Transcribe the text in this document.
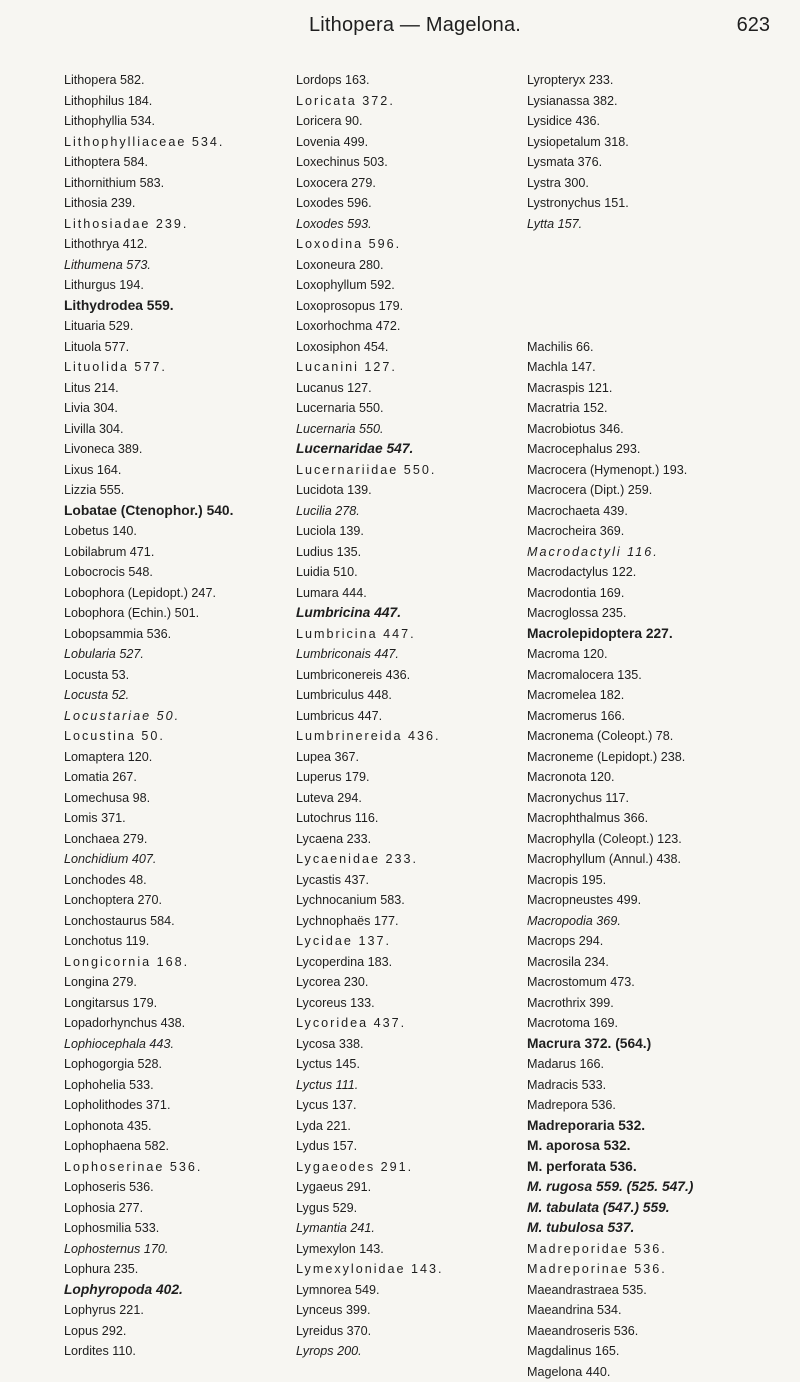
Lithopera — Magelona.	623
Lithopera 582.
Lithophilus 184.
Lithophyllia 534.
Lithophylliaceae 534.
Lithoptera 584.
Lithornithium 583.
Lithosia 239.
Lithosiadae 239.
Lithothrya 412.
Lithumena 573.
Lithurgus 194.
Lithydrodea 559.
Lituaria 529.
Lituola 577.
Lituolida 577.
Litus 214.
Livia 304.
Livilla 304.
Livoneca 389.
Lixus 164.
Lizzia 555.
Lobatae (Ctenophor.) 540.
Lobetus 140.
Lobilabrum 471.
Lobocrocis 548.
Lobophora (Lepidopt.) 247.
Lobophora (Echin.) 501.
Lobopsammia 536.
Lobularia 527.
Locusta 53.
Locusta 52.
Locustariae 50.
Locustina 50.
Lomaptera 120.
Lomatia 267.
Lomechusa 98.
Lomis 371.
Lonchaea 279.
Lonchidium 407.
Lonchodes 48.
Lonchoptera 270.
Lonchostaurus 584.
Lonchotus 119.
Longicornia 168.
Longina 279.
Longitarsus 179.
Lopadorhynchus 438.
Lophiocephala 443.
Lophogorgia 528.
Lophohelia 533.
Lopholithodes 371.
Lophonota 435.
Lophophaena 582.
Lophoserinae 536.
Lophoseris 536.
Lophosia 277.
Lophosmilia 533.
Lophosternus 170.
Lophura 235.
Lophyropoda 402.
Lophyrus 221.
Lopus 292.
Lordites 110.
Lordops 163.
Loricata 372.
Loricera 90.
Lovenia 499.
Loxechinus 503.
Loxocera 279.
Loxodes 596.
Loxodes 593.
Loxodina 596.
Loxoneura 280.
Loxophyllum 592.
Loxoprosopus 179.
Loxorhochma 472.
Loxosiphon 454.
Lucanini 127.
Lucanus 127.
Lucernaria 550.
Lucernaria 550.
Lucernaridae 547.
Lucernariidae 550.
Lucidota 139.
Lucilia 278.
Luciola 139.
Ludius 135.
Luidia 510.
Lumara 444.
Lumbricina 447.
Lumbricina 447.
Lumbriconais 447.
Lumbriconereis 436.
Lumbriculus 448.
Lumbricus 447.
Lumbrinereida 436.
Lupea 367.
Luperus 179.
Luteva 294.
Lutochrus 116.
Lycaena 233.
Lycaenidae 233.
Lycastis 437.
Lychnocanium 583.
Lychnophaës 177.
Lycidae 137.
Lycoperdina 183.
Lycorea 230.
Lycoreus 133.
Lycoridea 437.
Lycosa 338.
Lyctus 145.
Lyctus 111.
Lycus 137.
Lyda 221.
Lydus 157.
Lygaeodes 291.
Lygaeus 291.
Lygus 529.
Lymantia 241.
Lymexylon 143.
Lymexylonidae 143.
Lymnorea 549.
Lynceus 399.
Lyreidus 370.
Lyrops 200.
Lyropteryx 233.
Lysianassa 382.
Lysidice 436.
Lysiopetalum 318.
Lysmata 376.
Lystra 300.
Lystronychus 151.
Lytta 157.
Machilis 66.
Machla 147.
Macraspis 121.
Macratria 152.
Macrobiotus 346.
Macrocephalus 293.
Macrocera (Hymenopt.) 193.
Macrocera (Dipt.) 259.
Macrochaeta 439.
Macrocheira 369.
Macrodactyli 116.
Macrodactylus 122.
Macrodontia 169.
Macroglossa 235.
Macrolepidoptera 227.
Macroma 120.
Macromalocera 135.
Macromelea 182.
Macromerus 166.
Macronema (Coleopt.) 78.
Macroneme (Lepidopt.) 238.
Macronota 120.
Macronychus 117.
Macrophthalmus 366.
Macrophylla (Coleopt.) 123.
Macrophyllum (Annul.) 438.
Macropis 195.
Macropneustes 499.
Macropodia 369.
Macrops 294.
Macrosila 234.
Macrostomum 473.
Macrothrix 399.
Macrotoma 169.
Macrura 372. (564.)
Madarus 166.
Madracis 533.
Madrepora 536.
Madreporaria 532.
M. aporosa 532.
M. perforata 536.
M. rugosa 559. (525. 547.)
M. tabulata (547.) 559.
M. tubulosa 537.
Madreporidae 536.
Madreporinae 536.
Maeandrastraea 535.
Maeandrina 534.
Maeandroseris 536.
Magdalinus 165.
Magelona 440.
